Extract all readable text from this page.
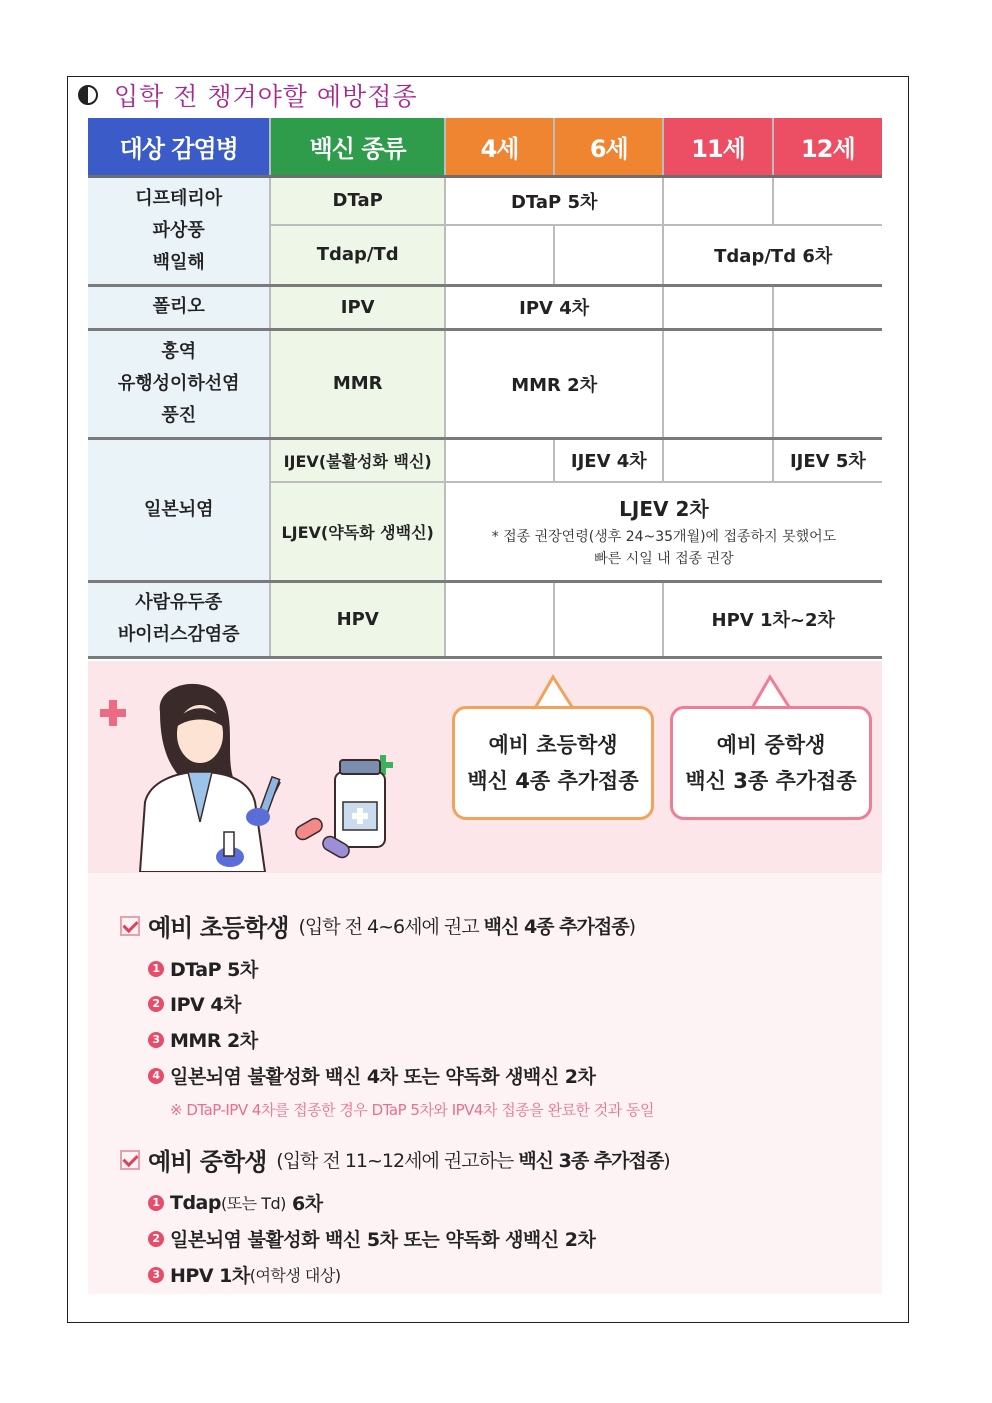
입학 전 챙겨야할 예방접종
대상 감염병	백신 종류	4세	6세	11세	12세

디프테리아
파상풍
백일해	DTaP	DTaP 5차			
	Tdap/Td			Tdap/Td 6차	
폴리오	IPV	IPV 4차			

홍역
유행성이하선염
풍진	MMR	MMR 2차			
일본뇌염	IJEV(불활성화 백신)		IJEV 4차		IJEV 5차
	LJEV(약독화 생백신)	LJEV 2차
* 접종 권장연령(생후 24~35개월)에 접종하지 못했어도
빠른 시일 내 접종 권장			

사람유두종
바이러스감염증	HPV			HPV 1차~2차	
예비 초등학생
백신 4종 추가접종
예비 중학생
백신 3종 추가접종
예비 초등학생 (입학 전 4~6세에 권고 백신 4종 추가접종)
1 DTaP 5차
2 IPV 4차
3 MMR 2차
4 일본뇌염 불활성화 백신 4차 또는 약독화 생백신 2차
※ DTaP-IPV 4차를 접종한 경우 DTaP 5차와 IPV4차 접종을 완료한 것과 동일
예비 중학생 (입학 전 11~12세에 권고하는 백신 3종 추가접종)
1 Tdap (또는 Td) 6차
2 일본뇌염 불활성화 백신 5차 또는 약독화 생백신 2차
3 HPV 1차 (여학생 대상)
